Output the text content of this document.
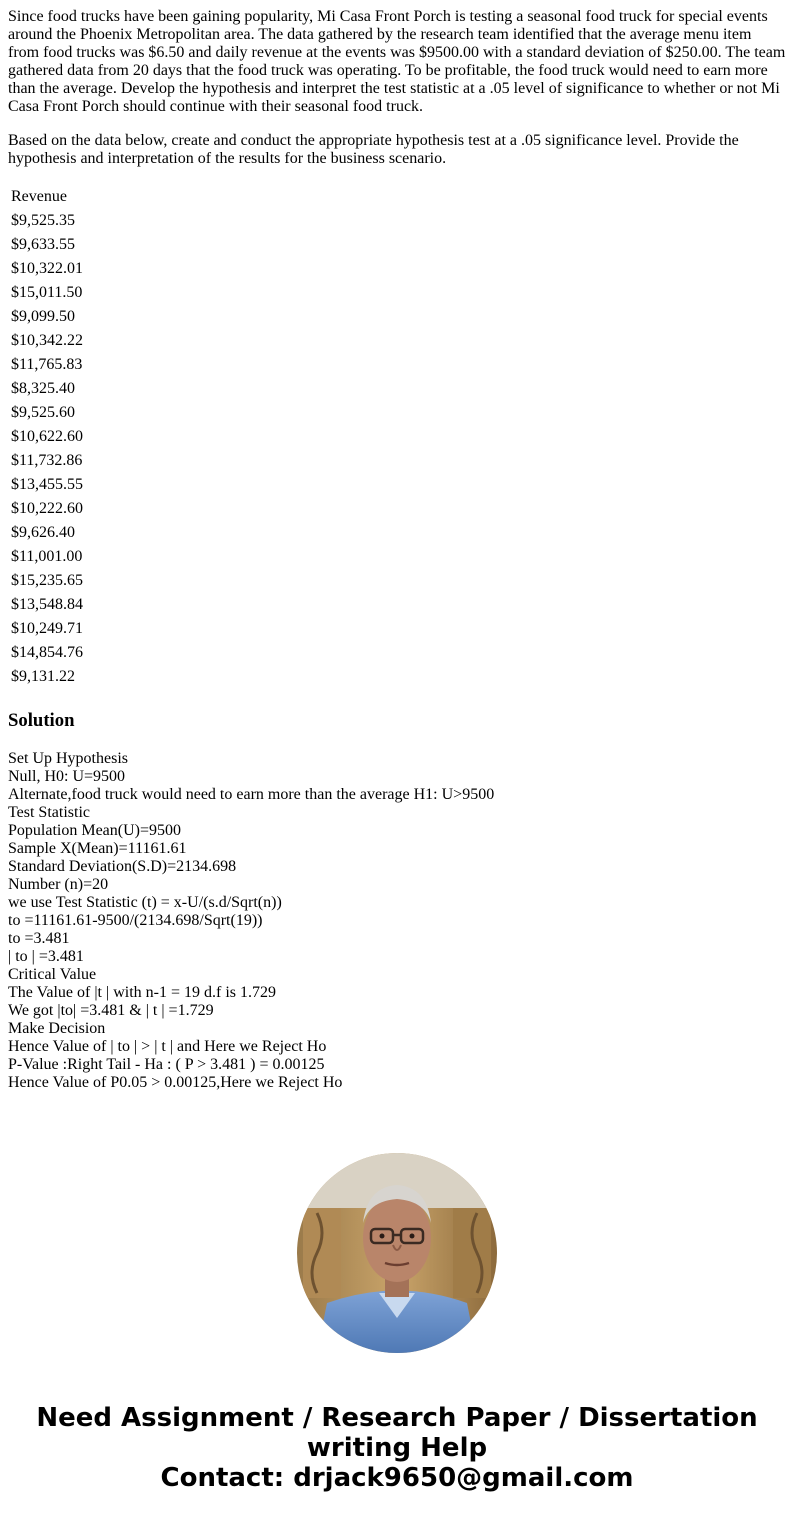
Since food trucks have been gaining popularity, Mi Casa Front Porch is testing a seasonal food truck for special events around the Phoenix Metropolitan area. The data gathered by the research team identified that the average menu item from food trucks was $6.50 and daily revenue at the events was $9500.00 with a standard deviation of $250.00. The team gathered data from 20 days that the food truck was operating. To be profitable, the food truck would need to earn more than the average. Develop the hypothesis and interpret the test statistic at a .05 level of significance to whether or not Mi Casa Front Porch should continue with their seasonal food truck.

Based on the data below, create and conduct the appropriate hypothesis test at a .05 significance level. Provide the hypothesis and interpretation of the results for the business scenario.

Revenue
$9,525.35
$9,633.55
$10,322.01
$15,011.50
$9,099.50
$10,342.22
$11,765.83
$8,325.40
$9,525.60
$10,622.60
$11,732.86
$13,455.55
$10,222.60
$9,626.40
$11,001.00
$15,235.65
$13,548.84
$10,249.71
$14,854.76
$9,131.22
Solution
Set Up Hypothesis
Null, H0: U=9500
Alternate,food truck would need to earn more than the average H1: U>9500
Test Statistic
Population Mean(U)=9500
Sample X(Mean)=11161.61
Standard Deviation(S.D)=2134.698
Number (n)=20
we use Test Statistic (t) = x-U/(s.d/Sqrt(n))
to =11161.61-9500/(2134.698/Sqrt(19))
to =3.481
| to | =3.481
Critical Value
The Value of |t | with n-1 = 19 d.f is 1.729
We got |to| =3.481 & | t | =1.729
Make Decision
Hence Value of | to | > | t | and Here we Reject Ho
P-Value :Right Tail - Ha : ( P > 3.481 ) = 0.00125
Hence Value of P0.05 > 0.00125,Here we Reject Ho
Need Assignment / Research Paper / Dissertation
writing Help
Contact: drjack9650@gmail.com
